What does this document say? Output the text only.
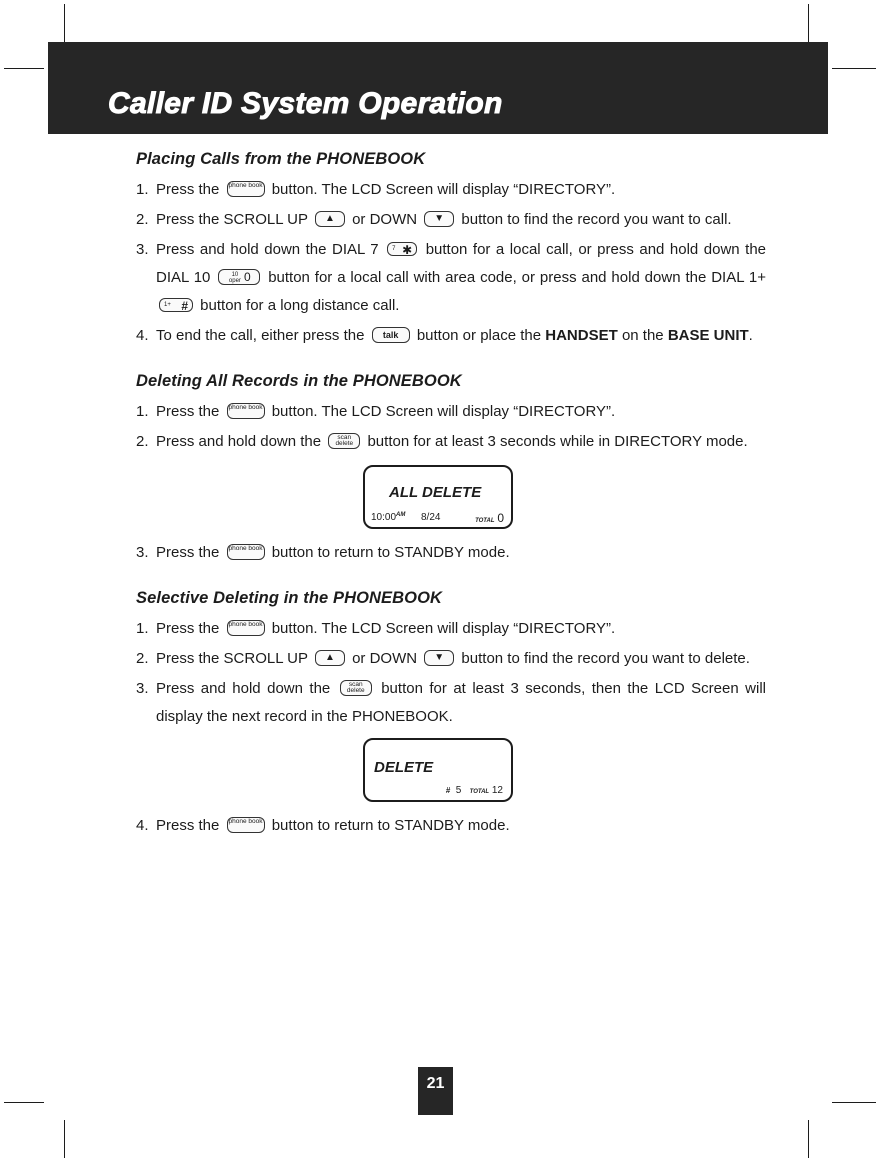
Caller ID System Operation
Placing Calls from the PHONEBOOK
1. Press the phone book button. The LCD Screen will display “DIRECTORY”.
2. Press the SCROLL UP ▲ or DOWN ▼ button to find the record you want to call.
3. Press and hold down the DIAL 7 7 ✱ button for a local call, or press and hold down the DIAL 10	10 oper 0 button for a local call with area code, or press and hold down the DIAL 1+
1+ # button for a long distance call.
4. To end the call, either press the talk button or place the HANDSET on the BASE UNIT.
Deleting All Records in the PHONEBOOK
1. Press the phone book button. The LCD Screen will display “DIRECTORY”.
2. Press and hold down the	scan delete button for at least 3 seconds while in DIRECTORY mode.
ALL DELETE
$10:00^{AM}$ 8/24	TOTAL 0
3. Press the phone book button to return to STANDBY mode.
Selective Deleting in the PHONEBOOK
1. Press the phone book button. The LCD Screen will display “DIRECTORY”.
2. Press the SCROLL UP ▲ or DOWN ▼ button to find the record you want to delete.
3. Press and hold down the	scan delete	button for at least 3 seconds, then the LCD Screen will display the next record in the PHONEBOOK.
DELETE
# 5 TOTAL 12
4. Press the phone book button to return to STANDBY mode.
21
